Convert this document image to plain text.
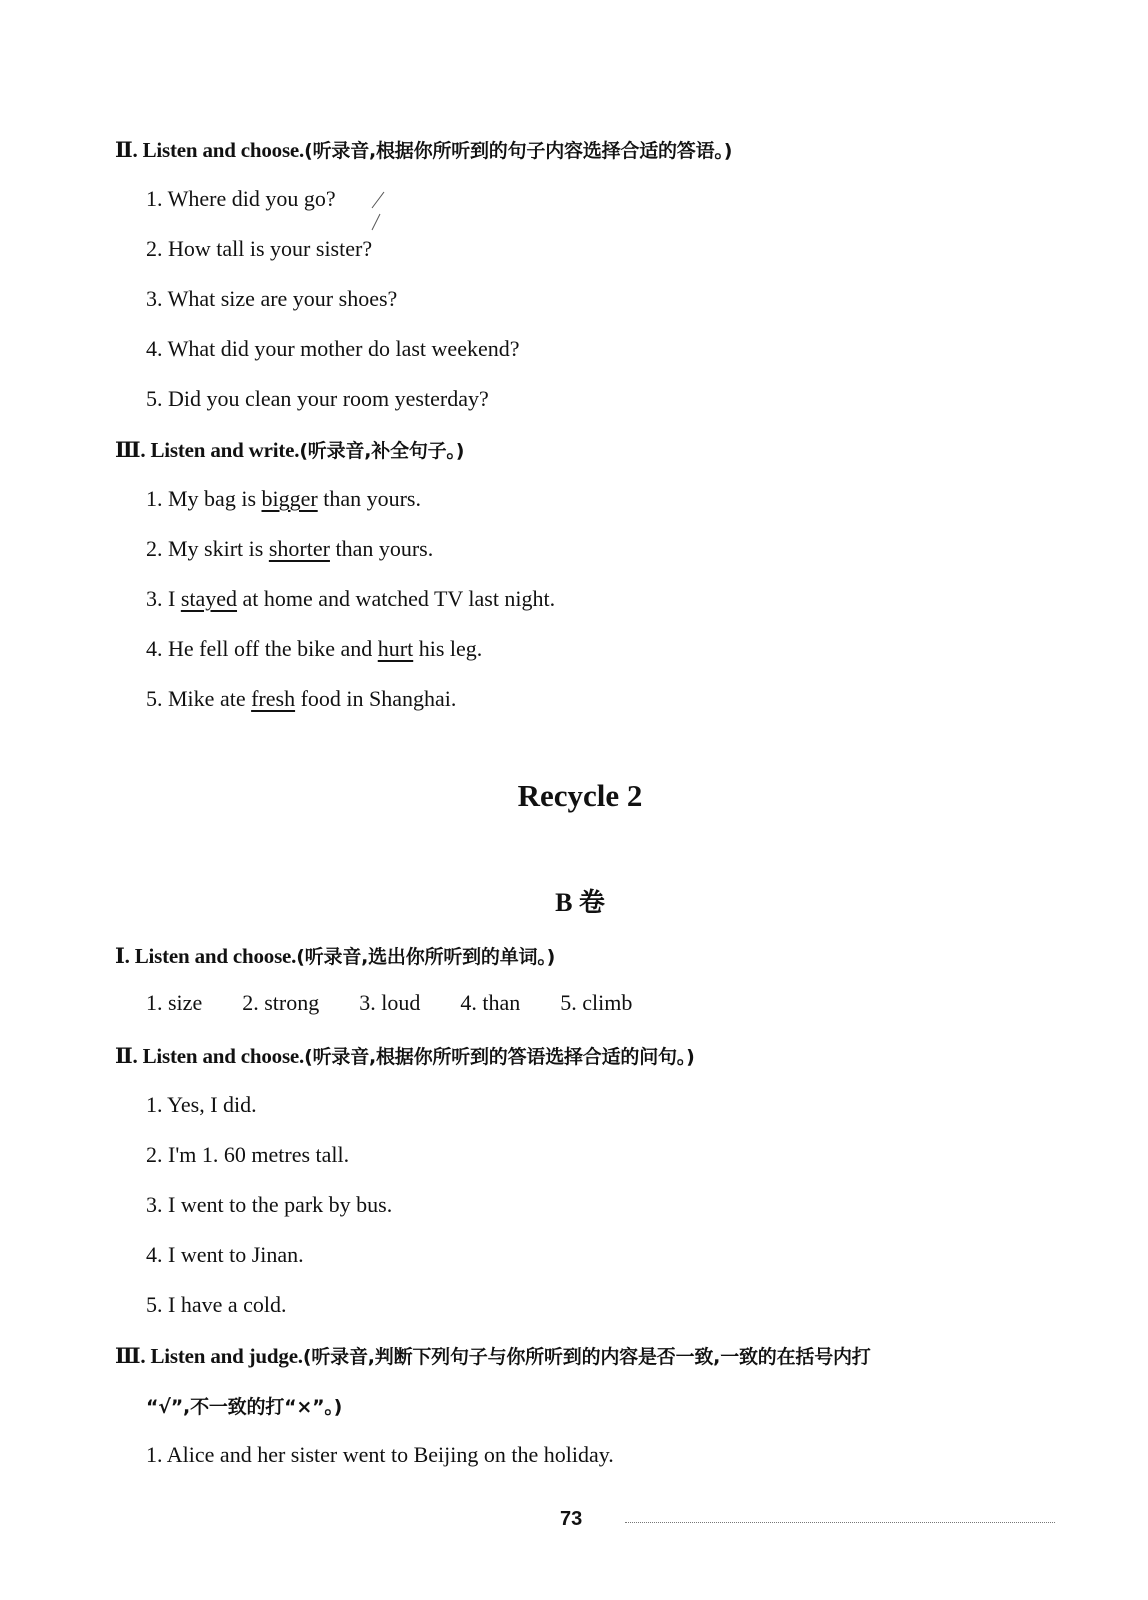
Ⅱ. Listen and choose.(听录音,根据你所听到的句子内容选择合适的答语。)
1. Where did you go?
2. How tall is your sister?
3. What size are your shoes?
4. What did your mother do last weekend?
5. Did you clean your room yesterday?
Ⅲ. Listen and write.(听录音,补全句子。)
1. My bag is bigger than yours.
2. My skirt is shorter than yours.
3. I stayed at home and watched TV last night.
4. He fell off the bike and hurt his leg.
5. Mike ate fresh food in Shanghai.
Recycle 2
B 卷
Ⅰ. Listen and choose.(听录音,选出你所听到的单词。)
1. size 2. strong 3. loud 4. than 5. climb
Ⅱ. Listen and choose.(听录音,根据你所听到的答语选择合适的问句。)
1. Yes, I did.
2. I'm 1. 60 metres tall.
3. I went to the park by bus.
4. I went to Jinan.
5. I have a cold.
Ⅲ. Listen and judge.(听录音,判断下列句子与你所听到的内容是否一致,一致的在括号内打
“√”,不一致的打“×”。)
1. Alice and her sister went to Beijing on the holiday.
73
